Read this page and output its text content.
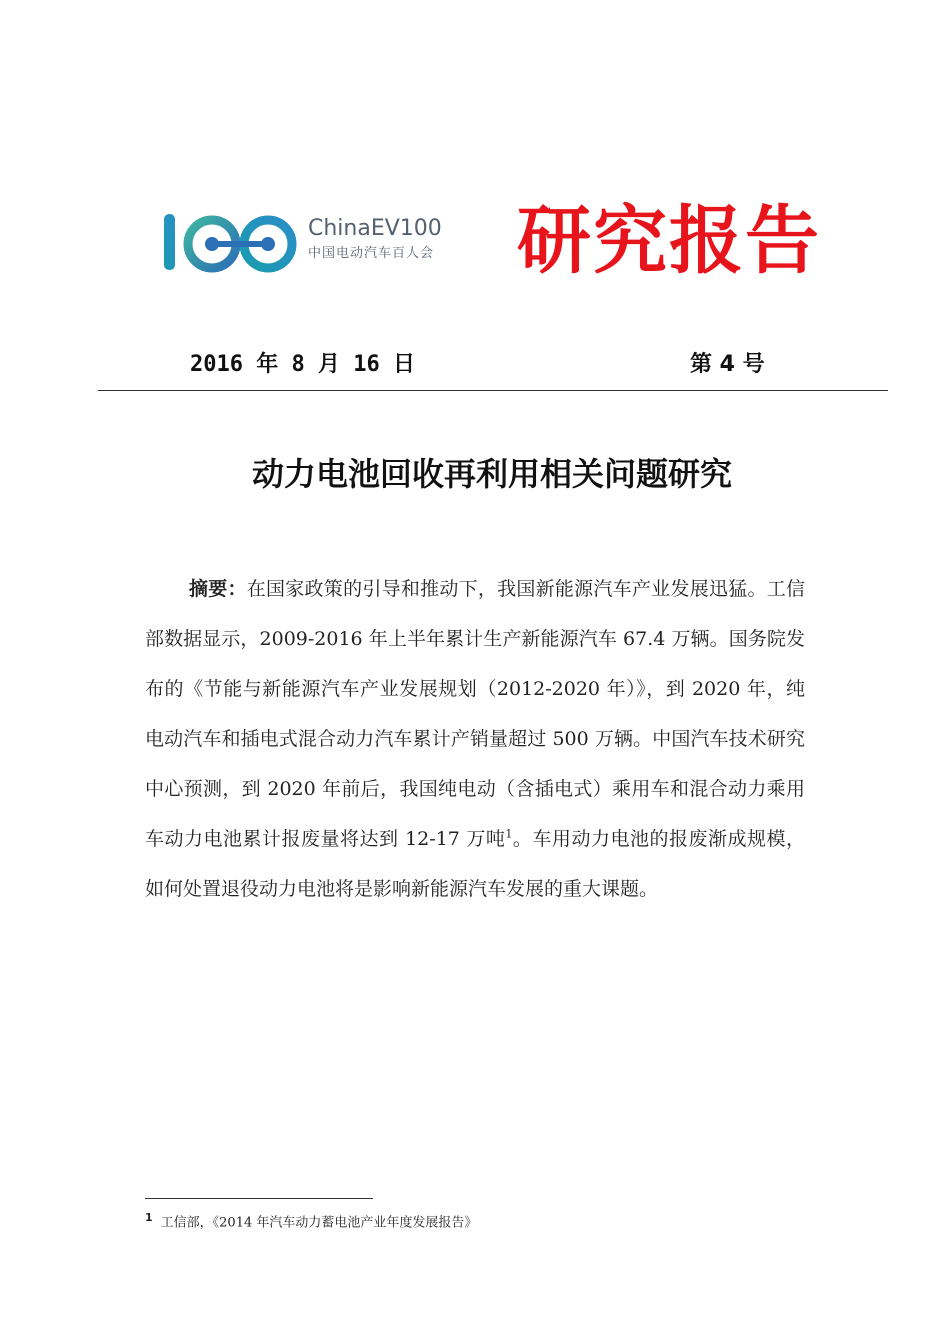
ChinaEV100
中国电动汽车百人会 研究报告
2016 年 8 月 16 日	第 4 号
动力电池回收再利用相关问题研究

摘要：在国家政策的引导和推动下，我国新能源汽车产业发展迅猛。工信部数据显示，2009-2016 年上半年累计生产新能源汽车 67.4 万辆。国务院发布的《节能与新能源汽车产业发展规划（2012-2020 年）》，到 2020 年，纯电动汽车和插电式混合动力汽车累计产销量超过 500 万辆。中国汽车技术研究中心预测，到 2020 年前后，我国纯电动（含插电式）乘用车和混合动力乘用车动力电池累计报废量将达到 12-17 万吨$^1$。车用动力电池的报废渐成规模，如何处置退役动力电池将是影响新能源汽车发展的重大课题。

$^1$ 工信部，《2014 年汽车动力蓄电池产业年度发展报告》
